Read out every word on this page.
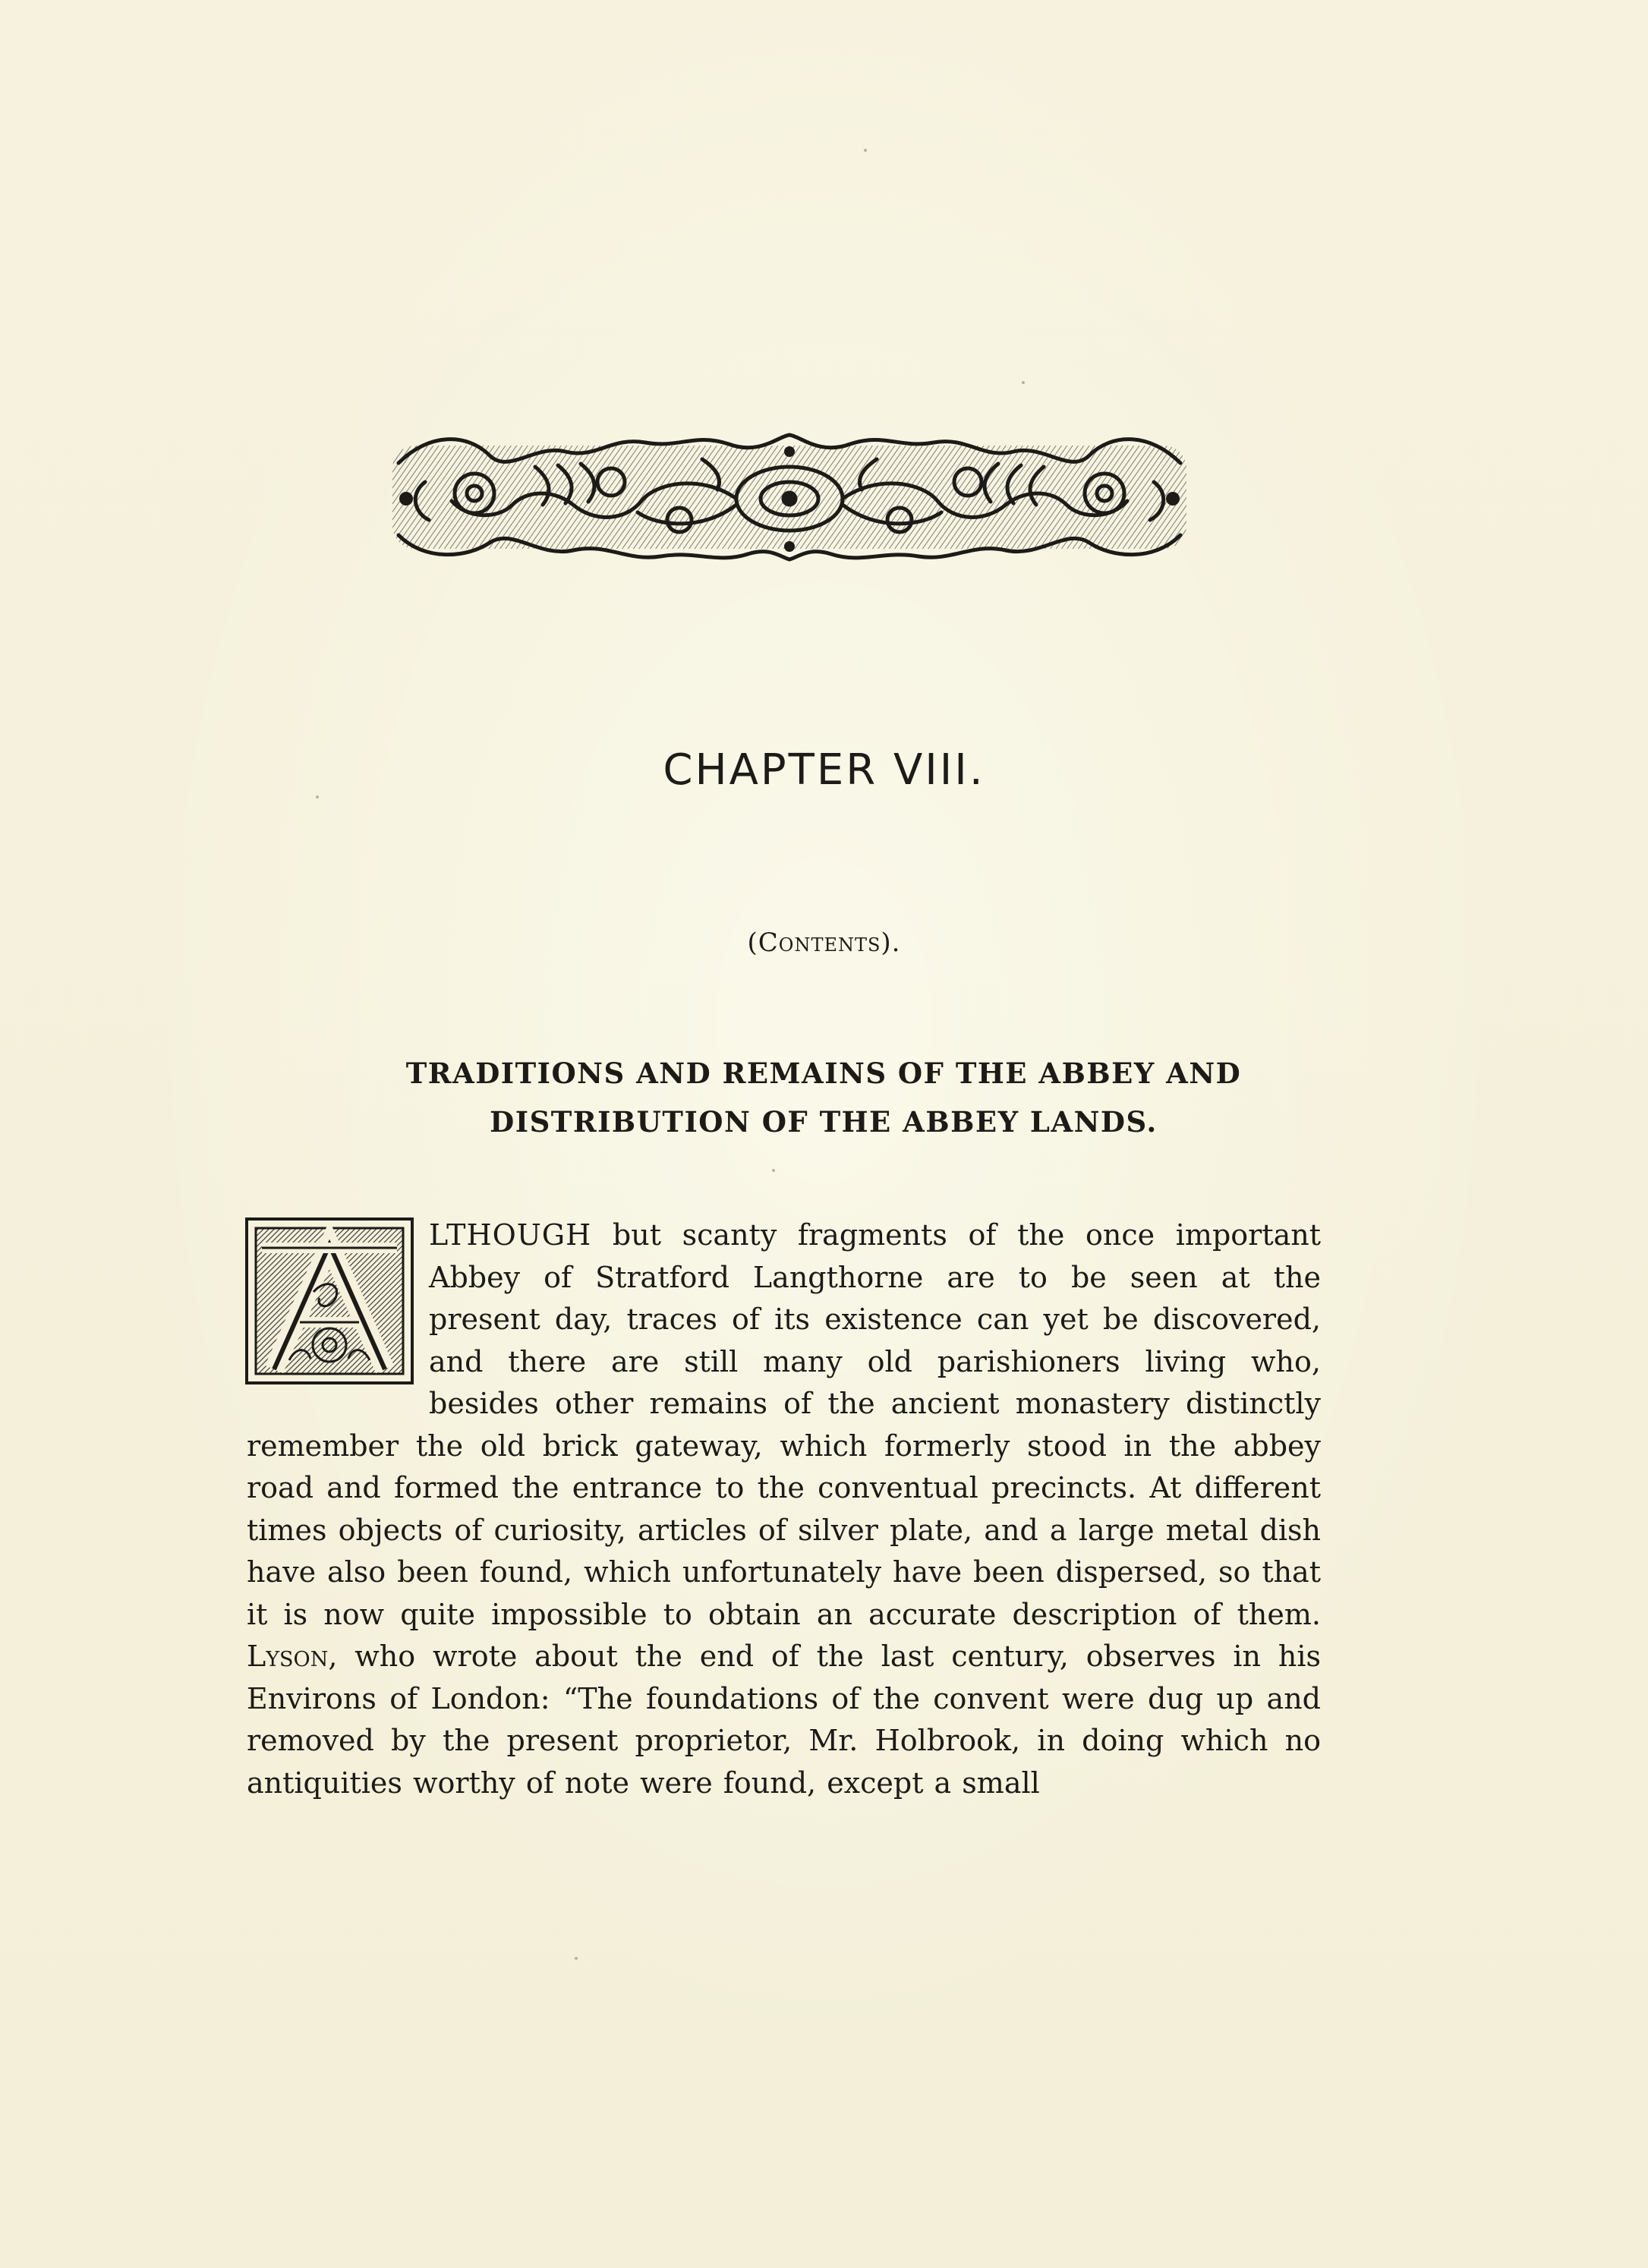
CHAPTER VIII.
(Contents).
TRADITIONS AND REMAINS OF THE ABBEY AND
DISTRIBUTION OF THE ABBEY LANDS.

LTHOUGH but scanty fragments of the once important Abbey of Stratford Langthorne are to be seen at the present day, traces of its existence can yet be discovered, and there are still many old parishioners living who, besides other remains of the ancient monastery distinctly remember the old brick gateway, which formerly stood in the abbey road and formed the entrance to the conventual precincts. At different times objects of curiosity, articles of silver plate, and a large metal dish have also been found, which unfortunately have been dispersed, so that it is now quite impossible to obtain an accurate description of them. Lyson, who wrote about the end of the last century, observes in his Environs of London: “The foundations of the convent were dug up and removed by the present proprietor, Mr. Holbrook, in doing which no antiquities worthy of note were found, except a small
